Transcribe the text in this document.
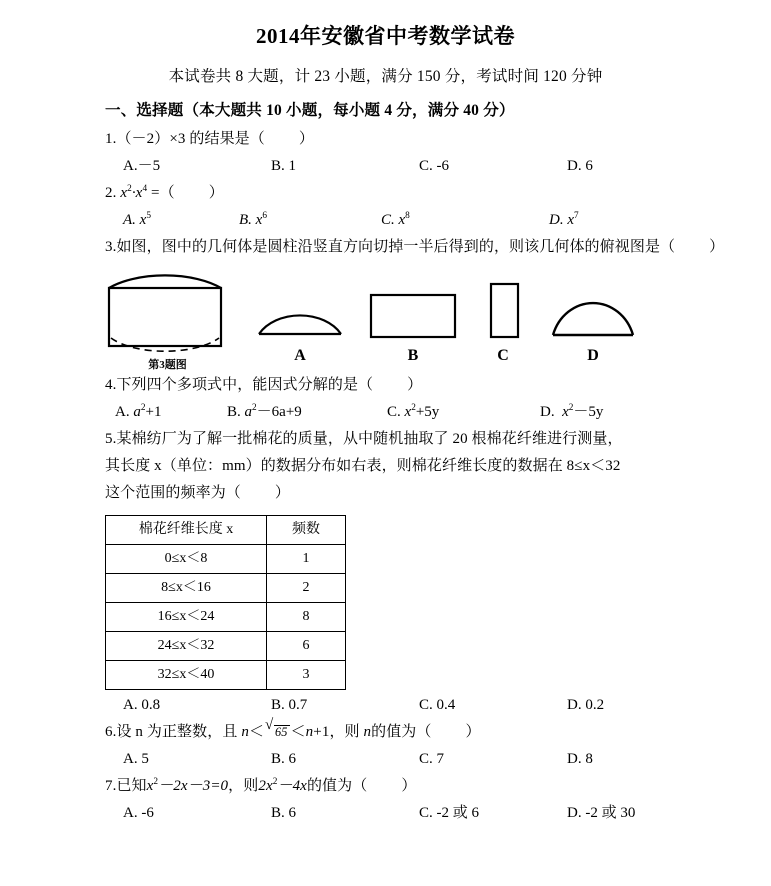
2014年安徽省中考数学试卷
本试卷共 8 大题，计 23 小题，满分 150 分，考试时间 120 分钟
一、选择题（本大题共 10 小题，每小题 4 分，满分 40 分）
1.（－2）×3 的结果是（ ）
A.－5	B. 1	C. -6	D. 6
2. $x^2\cdot x^4$ =（ ）
A. $x^5$	B. $x^6$	C. $x^8$	D. $x^7$
3.如图，图中的几何体是圆柱沿竖直方向切掉一半后得到的，则该几何体的俯视图是（ ）
第3题图
A	B	C	D
4.下列四个多项式中，能因式分解的是（ ）
A. $a^2+1$	B. $a^2-6a+9$	C. $x^2+5y$	D. $x^2-5y$
5.某棉纺厂为了解一批棉花的质量，从中随机抽取了 20 根棉花纤维进行测量，
其长度 x（单位：mm）的数据分布如右表，则棉花纤维长度的数据在 8≤x＜32
这个范围的频率为（ ）
棉花纤维长度 x	频数
0≤x＜8	1
8≤x＜16	2
16≤x＜24	8
24≤x＜32	6
32≤x＜40	3
A. 0.8	B. 0.7	C. 0.4	D. 0.2
6.设 n 为正整数，且 n＜ √ 65 ＜n+1，则 n的值为（ ）
A. 5	B. 6	C. 7	D. 8
7.已知$x^2-2x-3=0$，则$2x^2-4x$的值为（ ）
A. -6	B. 6	C. -2 或 6	D. -2 或 30
